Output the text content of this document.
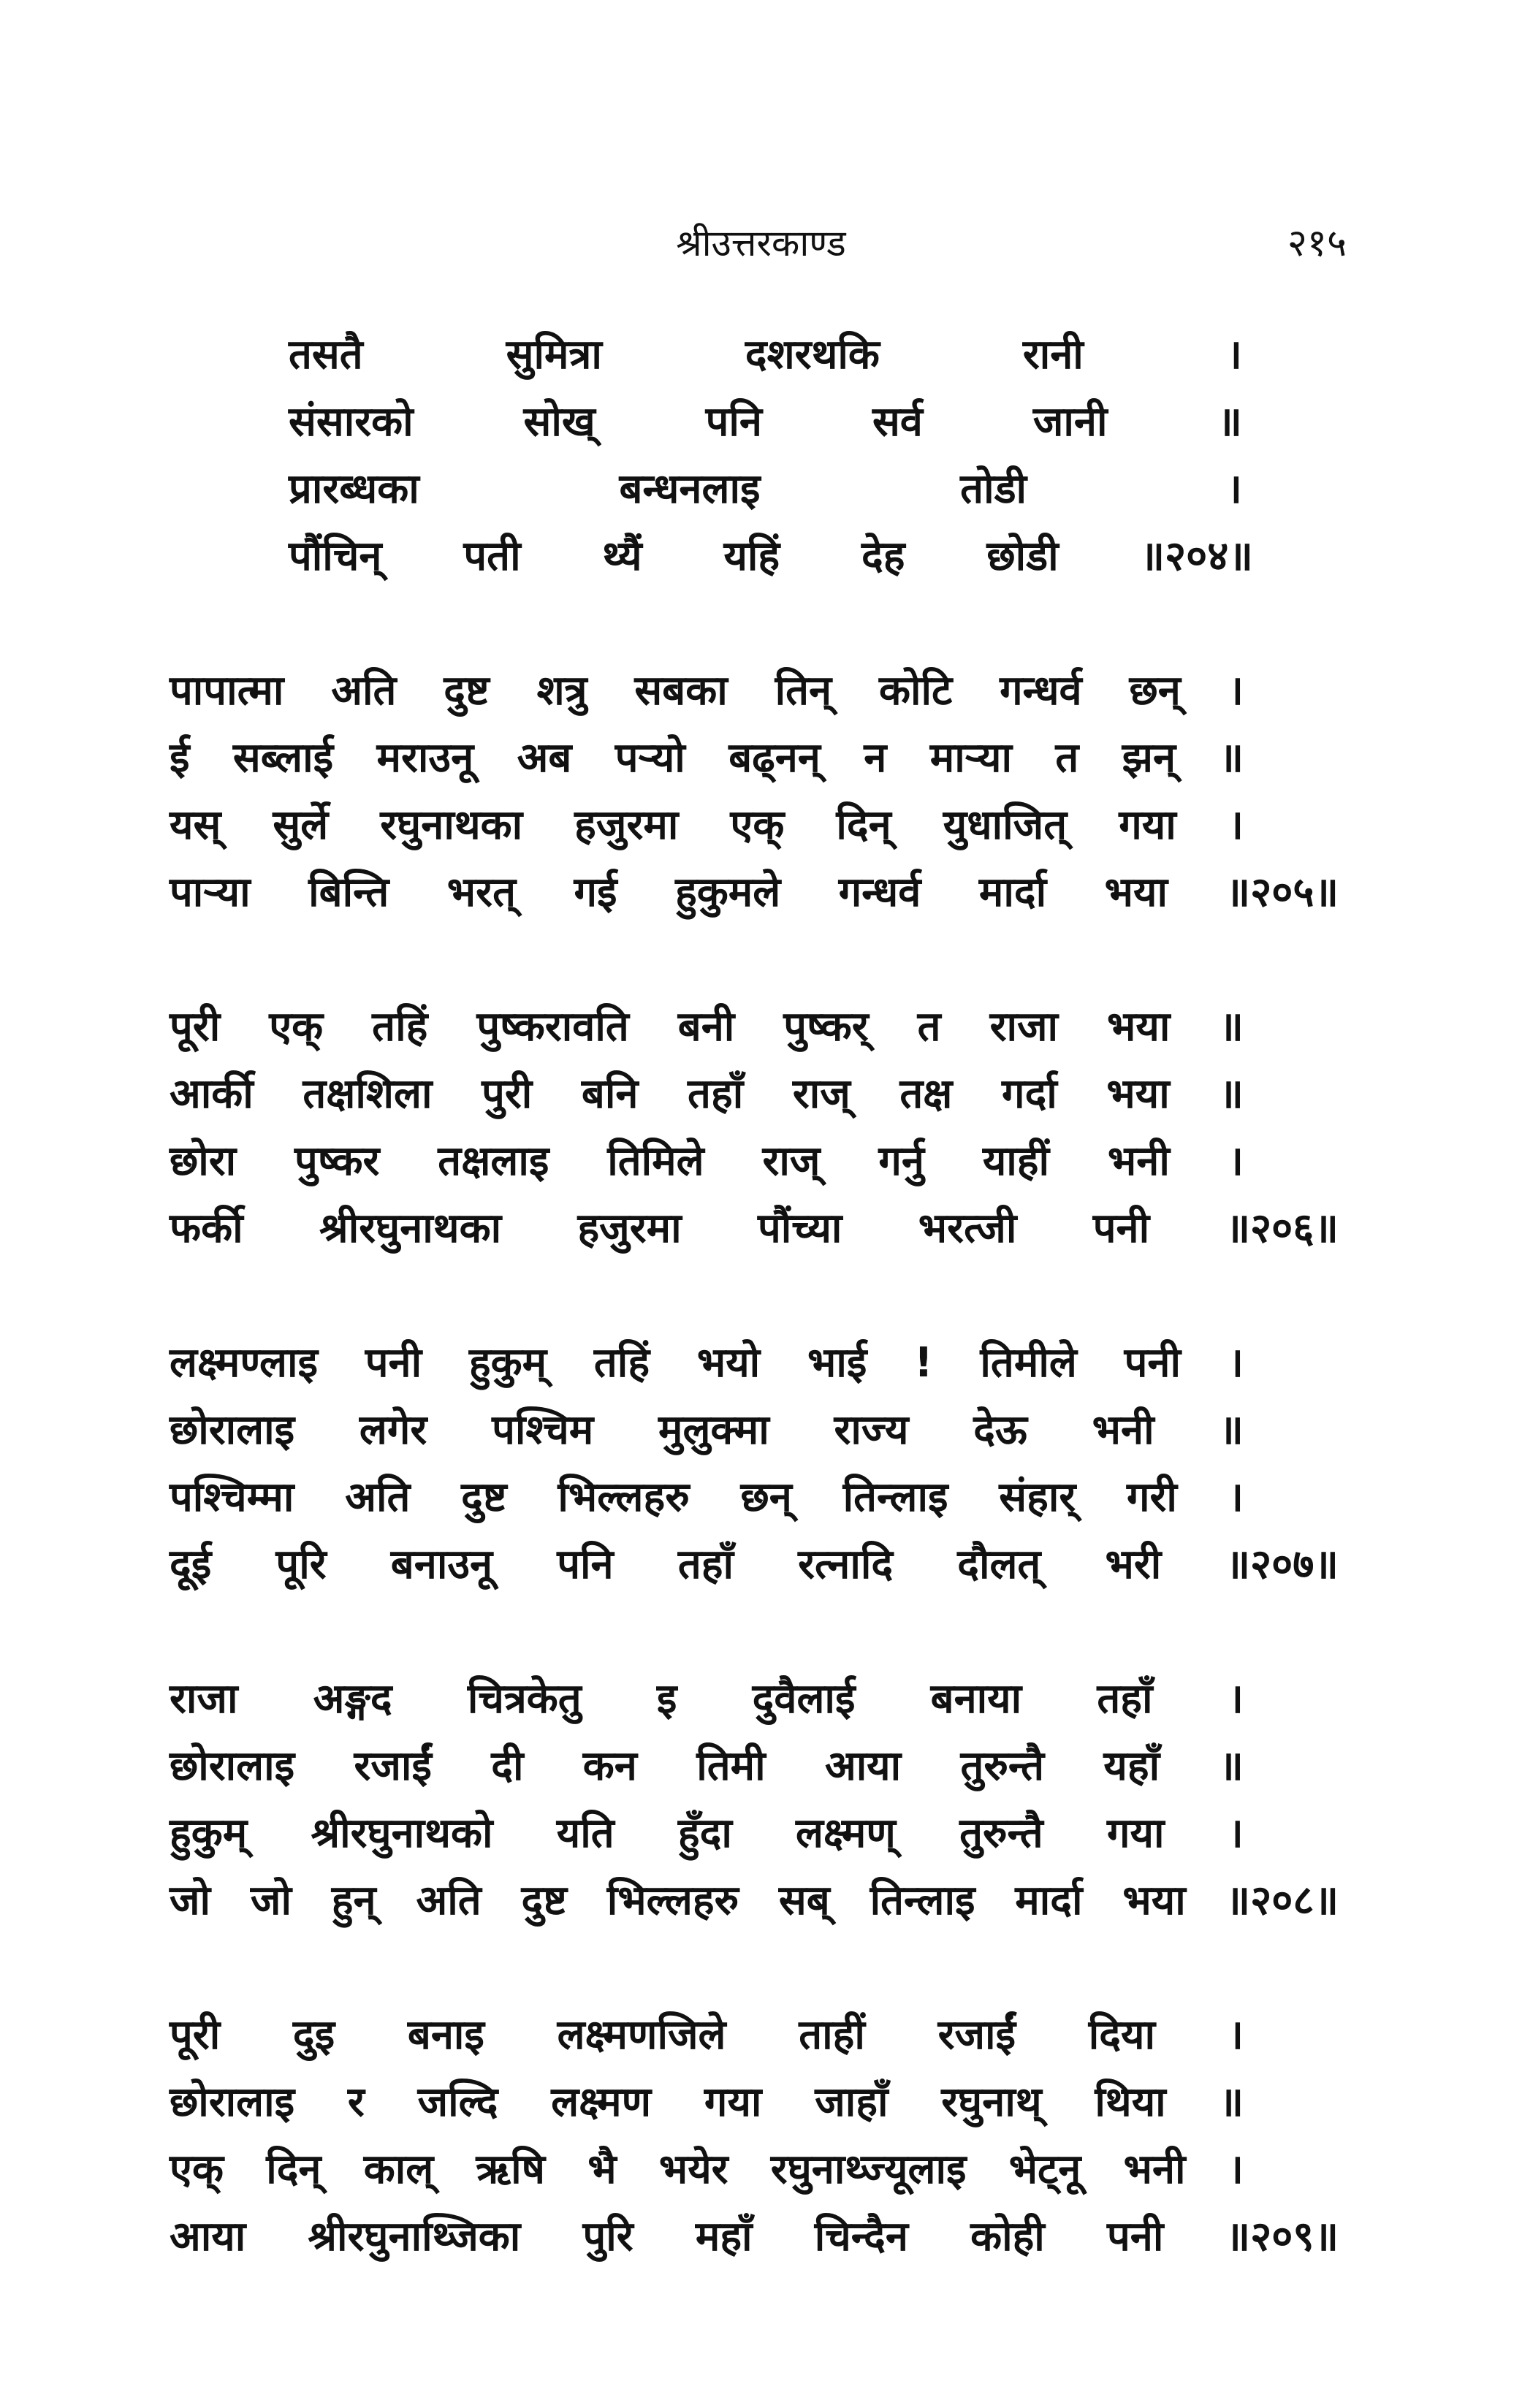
श्रीउत्तरकाण्ड	२१५
तसतै	सुमित्रा	दशरथकि	रानी	।
संसारको	सोख्	पनि	सर्व	जानी	॥
प्रारब्धका	बन्धनलाइ	तोडी	।
पौंचिन् पती थ्यैं यहिं देह छोडी ॥२०४॥
पापात्मा अति दुष्ट शत्रु सबका तिन् कोटि गन्धर्व छन् ।
ई सब्लाई मराउनू अब पऱ्यो बढ्नन् न माऱ्या त झन् ॥
यस् सुर्ले रघुनाथका हजुरमा एक् दिन् युधाजित् गया ।
पाऱ्या बिन्ति भरत् गई हुकुमले गन्धर्व मार्दा भया ॥२०५॥
पूरी एक् तहिं पुष्करावति बनी पुष्कर् त राजा भया ॥
आर्की तक्षशिला पुरी बनि तहाँ राज् तक्ष गर्दा भया ॥
छोरा पुष्कर तक्षलाइ तिमिले राज् गर्नु याहीं भनी ।
फर्की श्रीरघुनाथका हजुरमा पौंच्या भरत्जी पनी ॥२०६॥
लक्ष्मण्लाइ पनी हुकुम् तहिं भयो भाई ! तिमीले पनी ।
छोरालाइ लगेर पश्चिम मुलुक्मा राज्य देऊ भनी ॥
पश्चिम्मा अति दुष्ट भिल्लहरु छन् तिन्लाइ संहार् गरी ।
दूई पूरि बनाउनू पनि तहाँ रत्नादि दौलत् भरी ॥२०७॥
राजा अङ्गद चित्रकेतु इ दुवैलाई बनाया तहाँ ।
छोरालाइ रजाईं दी कन तिमी आया तुरुन्तै यहाँ ॥
हुकुम् श्रीरघुनाथको यति हुँदा लक्ष्मण् तुरुन्तै गया ।
जो जो हुन् अति दुष्ट भिल्लहरु सब् तिन्लाइ मार्दा भया ॥२०८॥
पूरी दुइ बनाइ लक्ष्मणजिले ताहीं रजाईं दिया ।
छोरालाइ र जल्दि लक्ष्मण गया जाहाँ रघुनाथ् थिया ॥
एक् दिन् काल् ऋषि भै भयेर रघुनाथ्ज्यूलाइ भेट्नू भनी ।
आया श्रीरघुनाथ्जिका पुरि महाँ चिन्दैन कोही पनी ॥२०९॥
